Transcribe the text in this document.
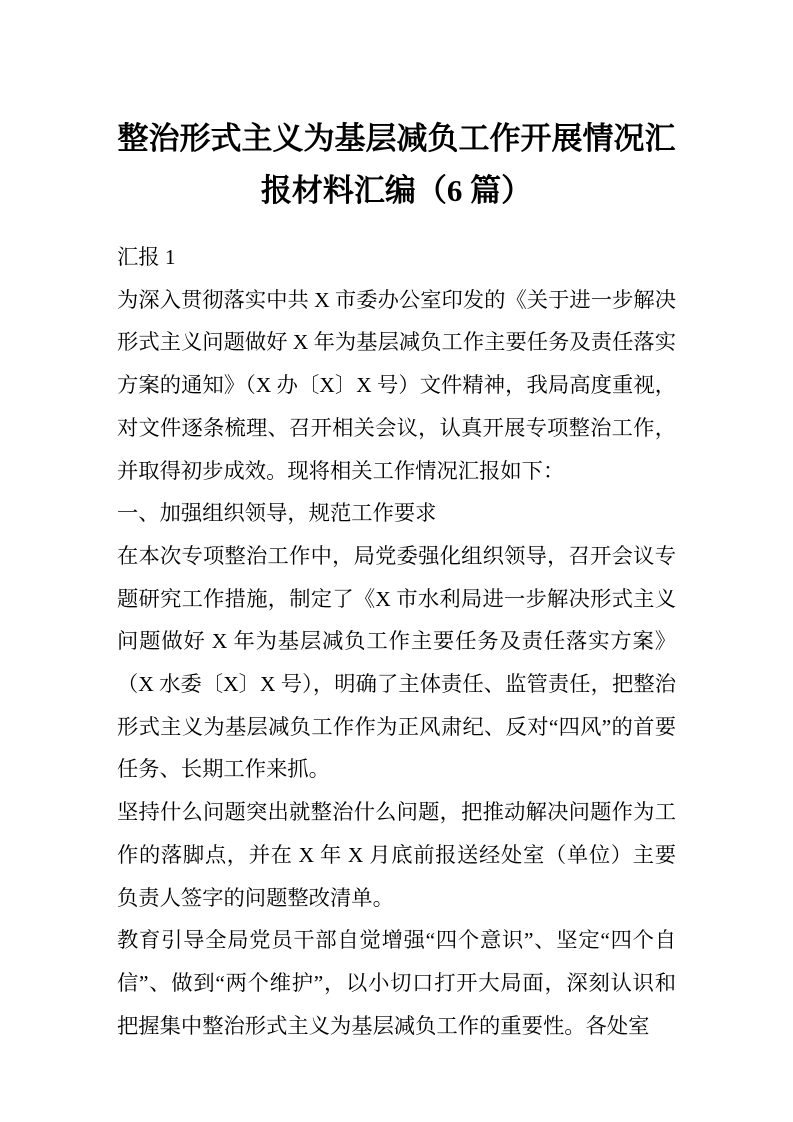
整治形式主义为基层减负工作开展情况汇报材料汇编（6 篇）
汇报 1

为深入贯彻落实中共 X 市委办公室印发的《关于进一步解决形式主义问题做好 X 年为基层减负工作主要任务及责任落实方案的通知》（X 办〔X〕X 号）文件精神，我局高度重视，对文件逐条梳理、召开相关会议，认真开展专项整治工作，并取得初步成效。现将相关工作情况汇报如下：

一、加强组织领导，规范工作要求

在本次专项整治工作中，局党委强化组织领导，召开会议专题研究工作措施，制定了《X 市水利局进一步解决形式主义问题做好 X 年为基层减负工作主要任务及责任落实方案》（X 水委〔X〕X 号），明确了主体责任、监管责任，把整治形式主义为基层减负工作作为正风肃纪、反对“四风”的首要任务、长期工作来抓。

坚持什么问题突出就整治什么问题，把推动解决问题作为工作的落脚点，并在 X 年 X 月底前报送经处室（单位）主要负责人签字的问题整改清单。

教育引导全局党员干部自觉增强“四个意识”、坚定“四个自信”、做到“两个维护”，以小切口打开大局面，深刻认识和把握集中整治形式主义为基层减负工作的重要性。各处室
